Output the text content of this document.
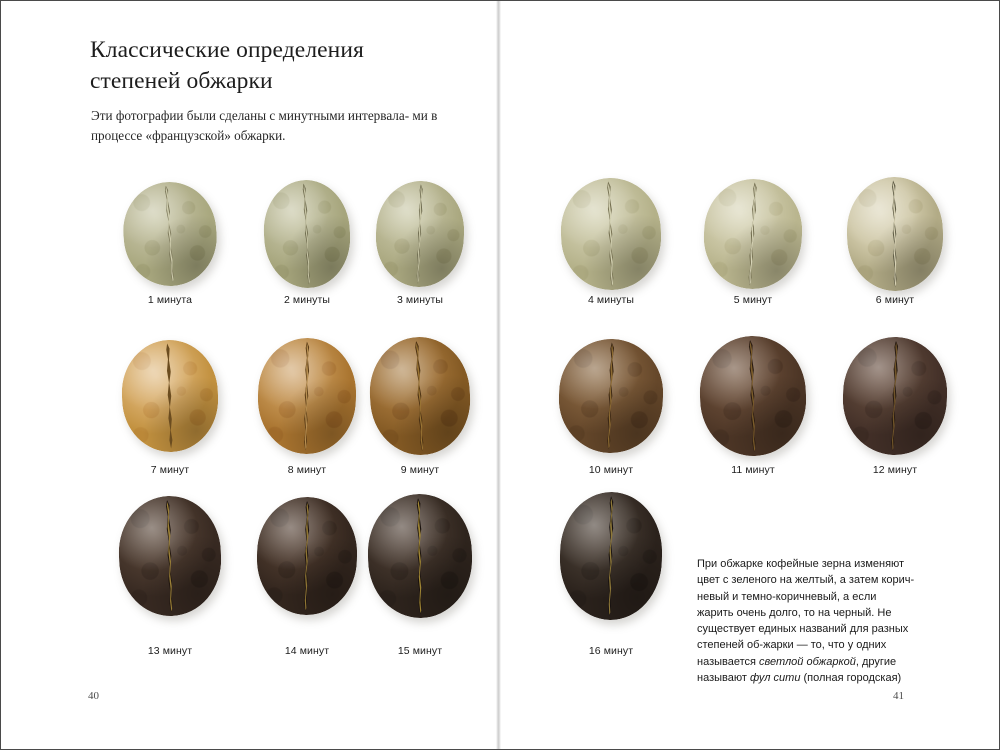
Классические определения
степеней обжарки
Эти фотографии были сделаны с минутными интервала- ми в процессе «французской» обжарки.
40	41
При обжарке кофейные зерна изменяют цвет с зеленого на желтый, а затем корич-невый и темно-коричневый, а если жарить очень долго, то на черный. Не существует единых названий для разных степеней об-жарки — то, что у одних называется светлой обжаркой, другие называют фул сити (полная городская)
1 минута	2 минуты	3 минуты	4 минуты	5 минут	6 минут
7 минут	8 минут	9 минут	10 минут	11 минут	12 минут
13 минут	14 минут	15 минут	16 минут
